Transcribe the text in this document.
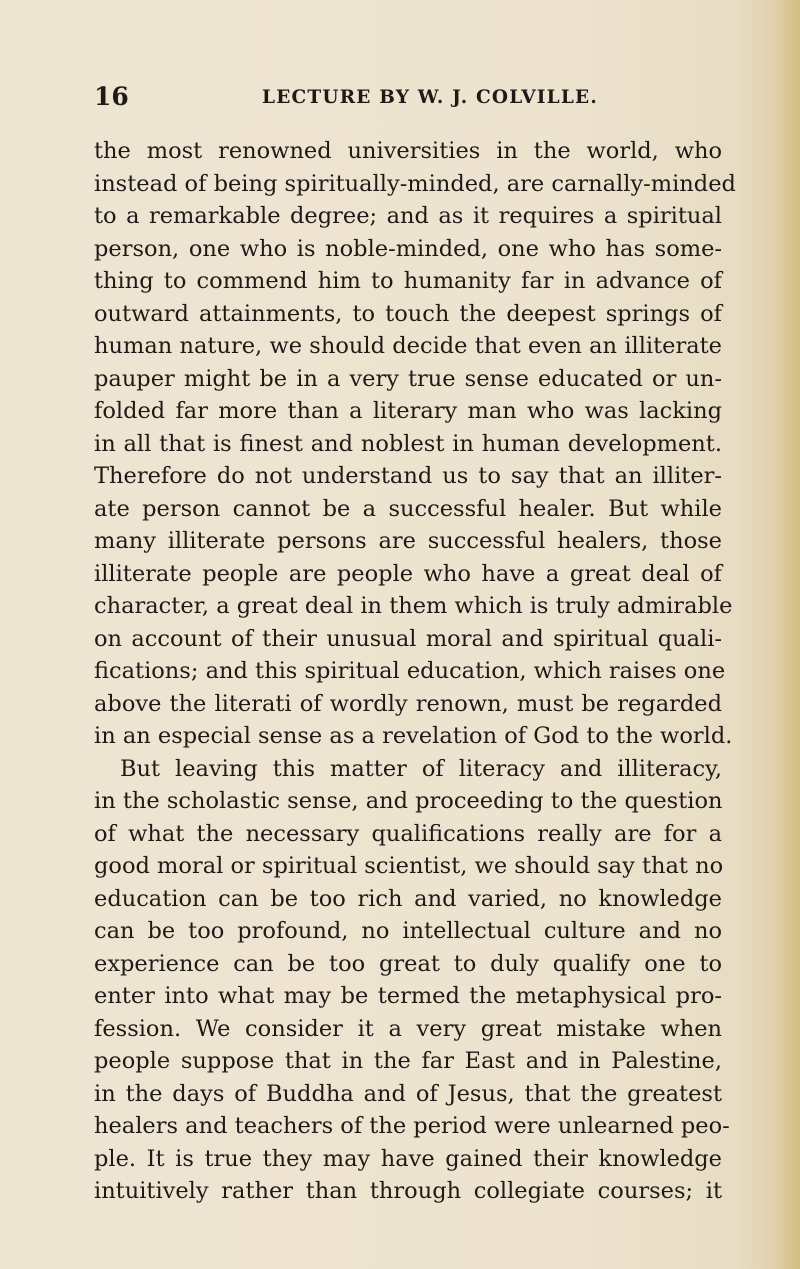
16	LECTURE BY W. J. COLVILLE.
the most renowned universities in the world, who
instead of being spiritually-minded, are carnally-minded
to a remarkable degree; and as it requires a spiritual
person, one who is noble-minded, one who has some-
thing to commend him to humanity far in advance of
outward attainments, to touch the deepest springs of
human nature, we should decide that even an illiterate
pauper might be in a very true sense educated or un-
folded far more than a literary man who was lacking
in all that is finest and noblest in human development.
Therefore do not understand us to say that an illiter-
ate person cannot be a successful healer. But while
many illiterate persons are successful healers, those
illiterate people are people who have a great deal of
character, a great deal in them which is truly admirable
on account of their unusual moral and spiritual quali-
fications; and this spiritual education, which raises one
above the literati of wordly renown, must be regarded
in an especial sense as a revelation of God to the world.
But leaving this matter of literacy and illiteracy,
in the scholastic sense, and proceeding to the question
of what the necessary qualifications really are for a
good moral or spiritual scientist, we should say that no
education can be too rich and varied, no knowledge
can be too profound, no intellectual culture and no
experience can be too great to duly qualify one to
enter into what may be termed the metaphysical pro-
fession. We consider it a very great mistake when
people suppose that in the far East and in Palestine,
in the days of Buddha and of Jesus, that the greatest
healers and teachers of the period were unlearned peo-
ple. It is true they may have gained their knowledge
intuitively rather than through collegiate courses; it
